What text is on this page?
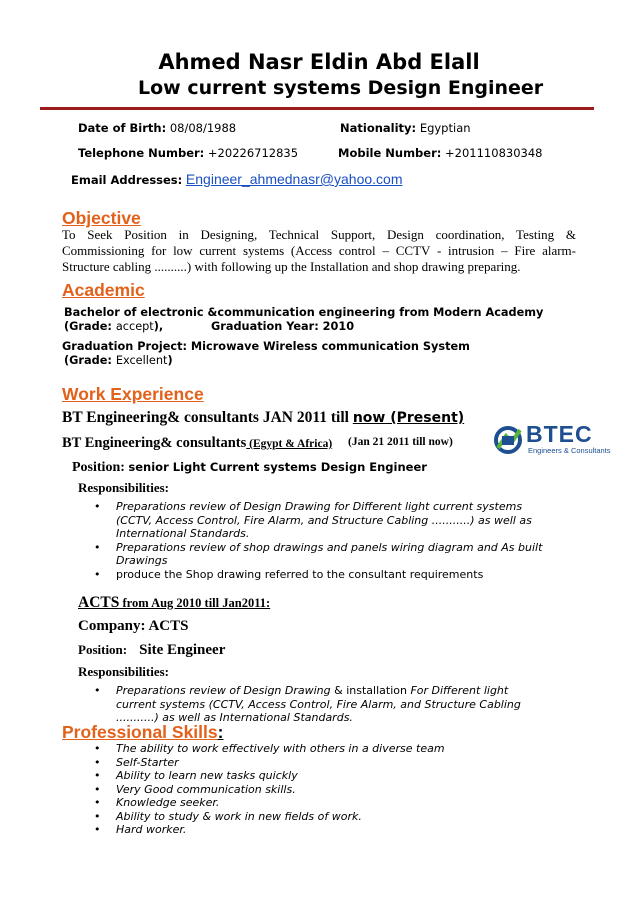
Ahmed Nasr Eldin Abd Elall
Low current systems Design Engineer
Date of Birth: 08/08/1988	Nationality: Egyptian
Telephone Number: +20226712835	Mobile Number: +201110830348
Email Addresses: Engineer_ahmednasr@yahoo.com
Objective
To Seek Position in Designing, Technical Support, Design coordination, Testing & Commissioning for low current systems (Access control – CCTV - intrusion – Fire alarm- Structure cabling ..........) with following up the Installation and shop drawing preparing.
Academic
Bachelor of electronic &communication engineering from Modern Academy
(Grade: accept),	Graduation Year: 2010
Graduation Project: Microwave Wireless communication System
(Grade: Excellent)
Work Experience
BT Engineering& consultants JAN 2011 till now (Present)
BT Engineering& consultants (Egypt & Africa) (Jan 21 2011 till now)	BTEC
Engineers & Consultants
Position: senior Light Current systems Design Engineer
Responsibilities:
• Preparations review of Design Drawing for Different light current systems (CCTV, Access Control, Fire Alarm, and Structure Cabling ...........) as well as International Standards.
• Preparations review of shop drawings and panels wiring diagram and As built Drawings
• produce the Shop drawing referred to the consultant requirements
ACTS from Aug 2010 till Jan2011:
Company: ACTS
Position: Site Engineer
Responsibilities:
• Preparations review of Design Drawing & installation For Different light current systems (CCTV, Access Control, Fire Alarm, and Structure Cabling ...........) as well as International Standards.
Professional Skills:
• The ability to work effectively with others in a diverse team
• Self-Starter
• Ability to learn new tasks quickly
• Very Good communication skills.
• Knowledge seeker.
• Ability to study & work in new fields of work.
• Hard worker.
